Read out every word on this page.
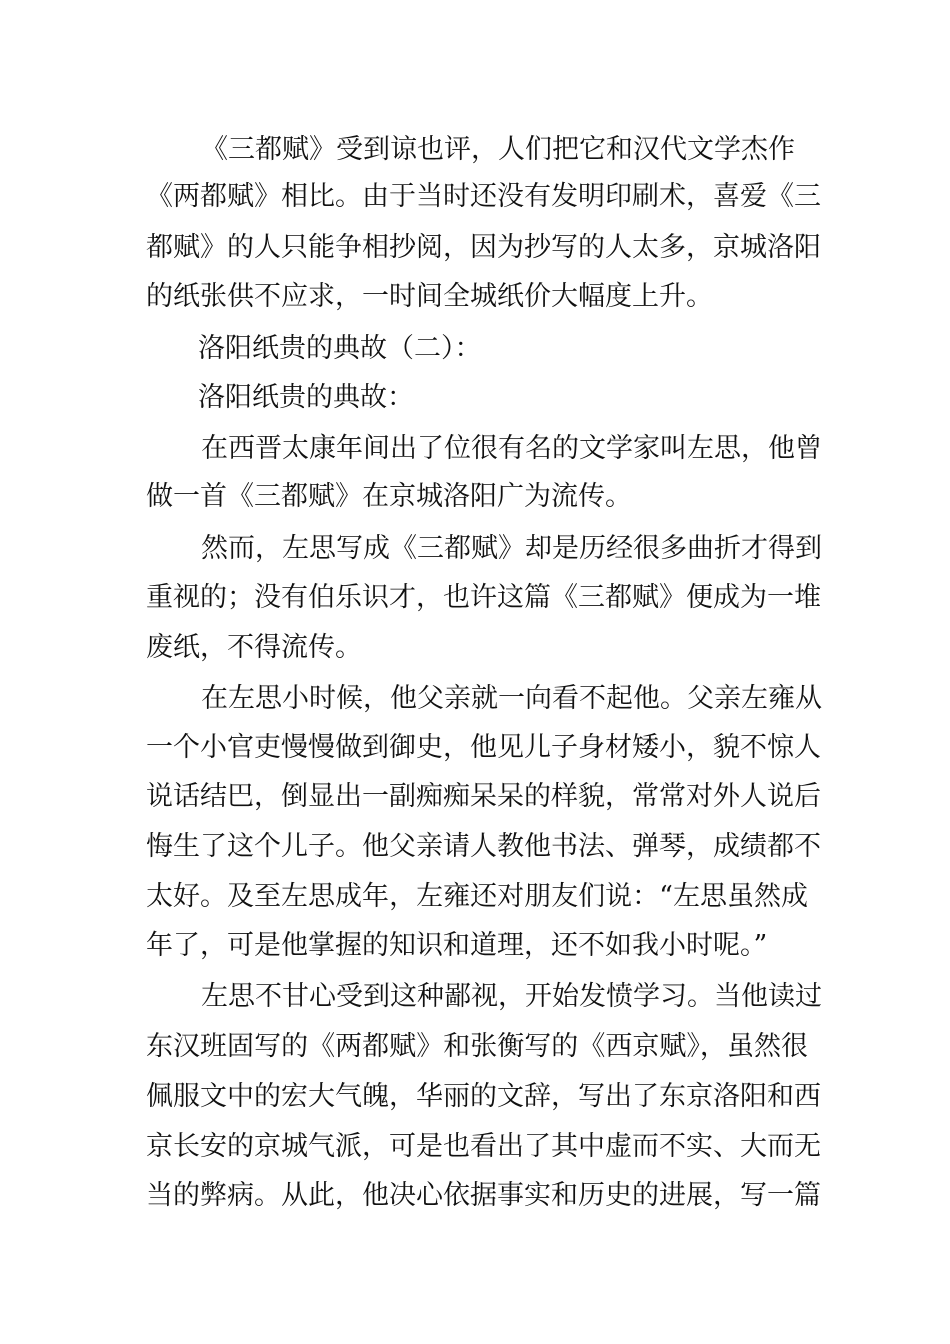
《三都赋》受到谅也评，人们把它和汉代文学杰作
《两都赋》相比。由于当时还没有发明印刷术，喜爱《三
都赋》的人只能争相抄阅，因为抄写的人太多，京城洛阳
的纸张供不应求，一时间全城纸价大幅度上升。
洛阳纸贵的典故（二）：
洛阳纸贵的典故：
在西晋太康年间出了位很有名的文学家叫左思，他曾
做一首《三都赋》在京城洛阳广为流传。
然而，左思写成《三都赋》却是历经很多曲折才得到
重视的；没有伯乐识才，也许这篇《三都赋》便成为一堆
废纸，不得流传。
在左思小时候，他父亲就一向看不起他。父亲左雍从
一个小官吏慢慢做到御史，他见儿子身材矮小，貌不惊人
说话结巴，倒显出一副痴痴呆呆的样貌，常常对外人说后
悔生了这个儿子。他父亲请人教他书法、弹琴，成绩都不
太好。及至左思成年，左雍还对朋友们说：“左思虽然成
年了，可是他掌握的知识和道理，还不如我小时呢。”
左思不甘心受到这种鄙视，开始发愤学习。当他读过
东汉班固写的《两都赋》和张衡写的《西京赋》，虽然很
佩服文中的宏大气魄，华丽的文辞，写出了东京洛阳和西
京长安的京城气派，可是也看出了其中虚而不实、大而无
当的弊病。从此，他决心依据事实和历史的进展，写一篇
